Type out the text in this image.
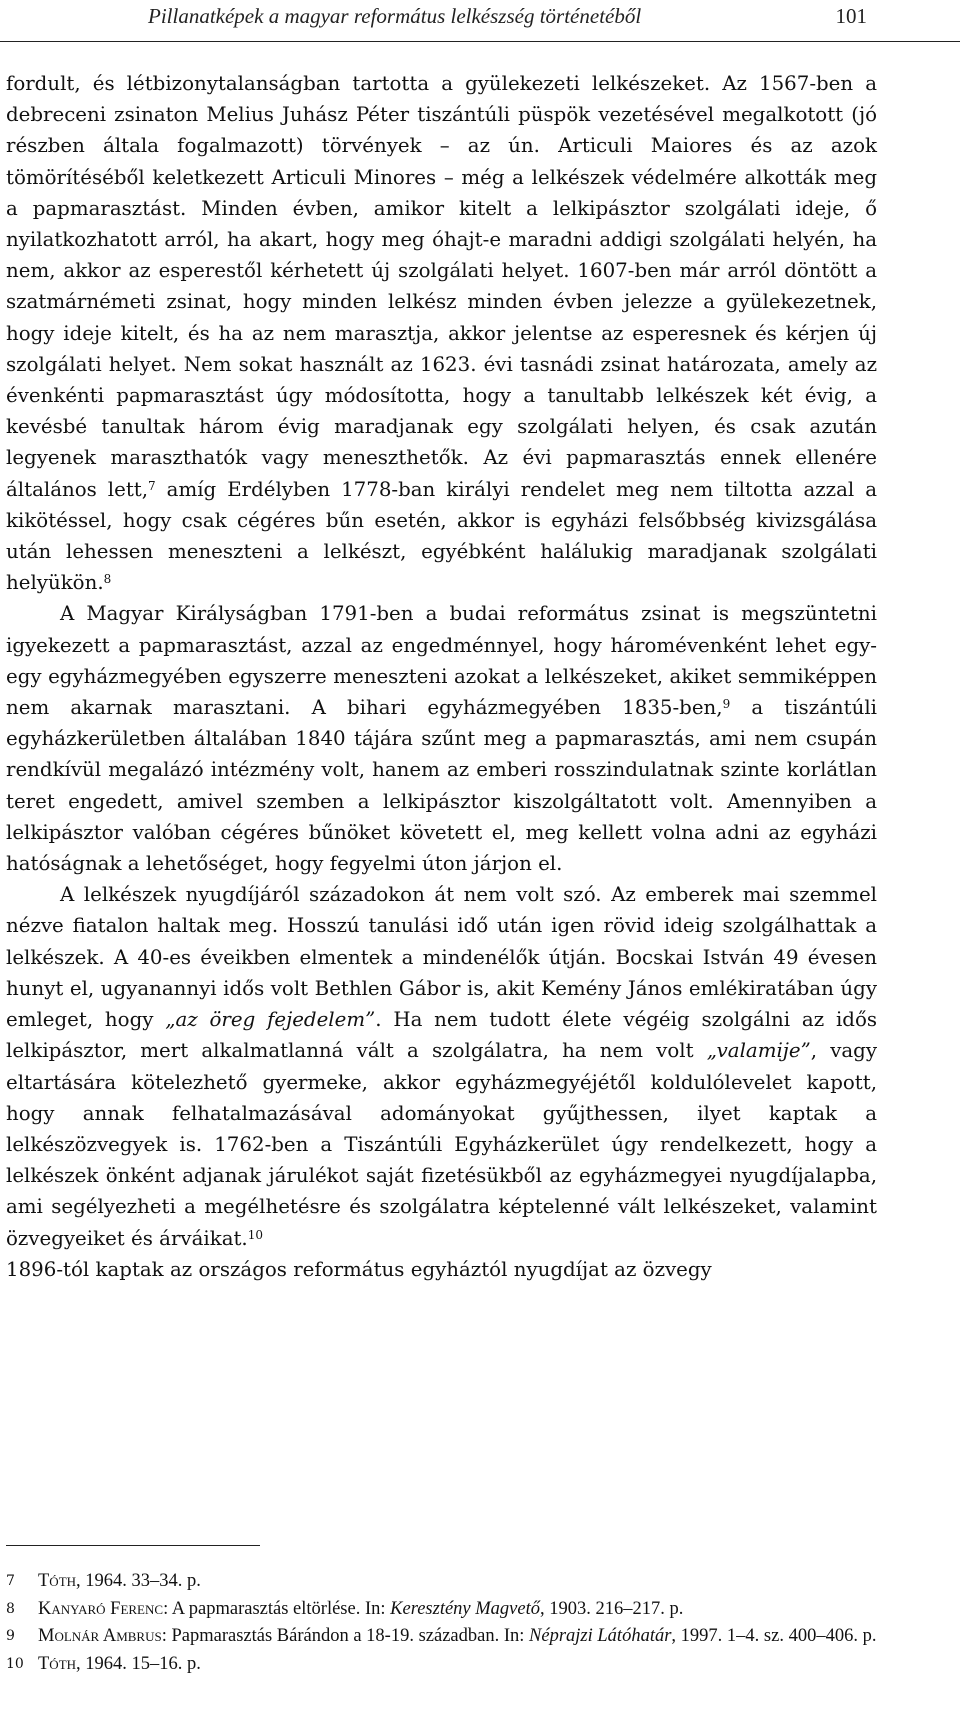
Pillanatképek a magyar református lelkészség történetéből	101

fordult, és létbizonytalanságban tartotta a gyülekezeti lelkészeket. Az 1567-ben a debreceni zsinaton Melius Juhász Péter tiszántúli püspök vezetésével megalkotott (jó részben általa fogalmazott) törvények – az ún. Articuli Maiores és az azok tömörítéséből keletkezett Articuli Minores – még a lelkészek védelmére alkották meg a papmarasztást. Minden évben, amikor kitelt a lelkipásztor szolgálati ideje, ő nyilatkozhatott arról, ha akart, hogy meg óhajt-e maradni addigi szolgálati helyén, ha nem, akkor az esperestől kérhetett új szolgálati helyet. 1607-ben már arról döntött a szatmárnémeti zsinat, hogy minden lelkész minden évben jelezze a gyülekezetnek, hogy ideje kitelt, és ha az nem marasztja, akkor jelentse az esperesnek és kérjen új szolgálati helyet. Nem sokat használt az 1623. évi tasnádi zsinat határozata, amely az évenkénti papmarasztást úgy módosította, hogy a tanultabb lelkészek két évig, a kevésbé tanultak három évig maradjanak egy szolgálati helyen, és csak azután legyenek maraszthatók vagy meneszthetők. Az évi papmarasztás ennek ellenére általános lett,$^7$ amíg Erdélyben 1778-ban királyi rendelet meg nem tiltotta azzal a kikötéssel, hogy csak cégéres bűn esetén, akkor is egyházi felsőbbség kivizsgálása után lehessen meneszteni a lelkészt, egyébként halálukig maradjanak szolgálati helyükön.$^8$

A Magyar Királyságban 1791-ben a budai református zsinat is megszüntetni igyekezett a papmarasztást, azzal az engedménnyel, hogy háromévenként lehet egy-egy egyházmegyében egyszerre meneszteni azokat a lelkészeket, akiket semmiképpen nem akarnak marasztani. A bihari egyházmegyében 1835-ben,$^9$ a tiszántúli egyházkerületben általában 1840 tájára szűnt meg a papmarasztás, ami nem csupán rendkívül megalázó intézmény volt, hanem az emberi rosszindulatnak szinte korlátlan teret engedett, amivel szemben a lelkipásztor kiszolgáltatott volt. Amennyiben a lelkipásztor valóban cégéres bűnöket követett el, meg kellett volna adni az egyházi hatóságnak a lehetőséget, hogy fegyelmi úton járjon el.

A lelkészek nyugdíjáról századokon át nem volt szó. Az emberek mai szemmel nézve fiatalon haltak meg. Hosszú tanulási idő után igen rövid ideig szolgálhattak a lelkészek. A 40-es éveikben elmentek a mindenélők útján. Bocskai István 49 évesen hunyt el, ugyanannyi idős volt Bethlen Gábor is, akit Kemény János emlékiratában úgy emleget, hogy „az öreg fejedelem”. Ha nem tudott élete végéig szolgálni az idős lelkipásztor, mert alkalmatlanná vált a szolgálatra, ha nem volt „valamije”, vagy eltartására kötelezhető gyermeke, akkor egyházmegyéjétől koldulólevelet kapott, hogy annak felhatalmazásával adományokat gyűjthessen, ilyet kaptak a lelkészözvegyek is. 1762-ben a Tiszántúli Egyházkerület úgy rendelkezett, hogy a lelkészek önként adjanak járulékot saját fizetésükből az egyházmegyei nyugdíjalapba, ami segélyezheti a megélhetésre és szolgálatra képtelenné vált lelkészeket, valamint özvegyeiket és árváikat.$^{10}$

1896-tól kaptak az országos református egyháztól nyugdíjat az özvegy

7 Tóth, 1964. 33–34. p.
8 Kanyaró Ferenc: A papmarasztás eltörlése. In: Keresztény Magvető, 1903. 216–217. p.
9 Molnár Ambrus: Papmarasztás Bárándon a 18-19. században. In: Néprajzi Látóhatár, 1997. 1–4. sz. 400–406. p.
10 Tóth, 1964. 15–16. p.
